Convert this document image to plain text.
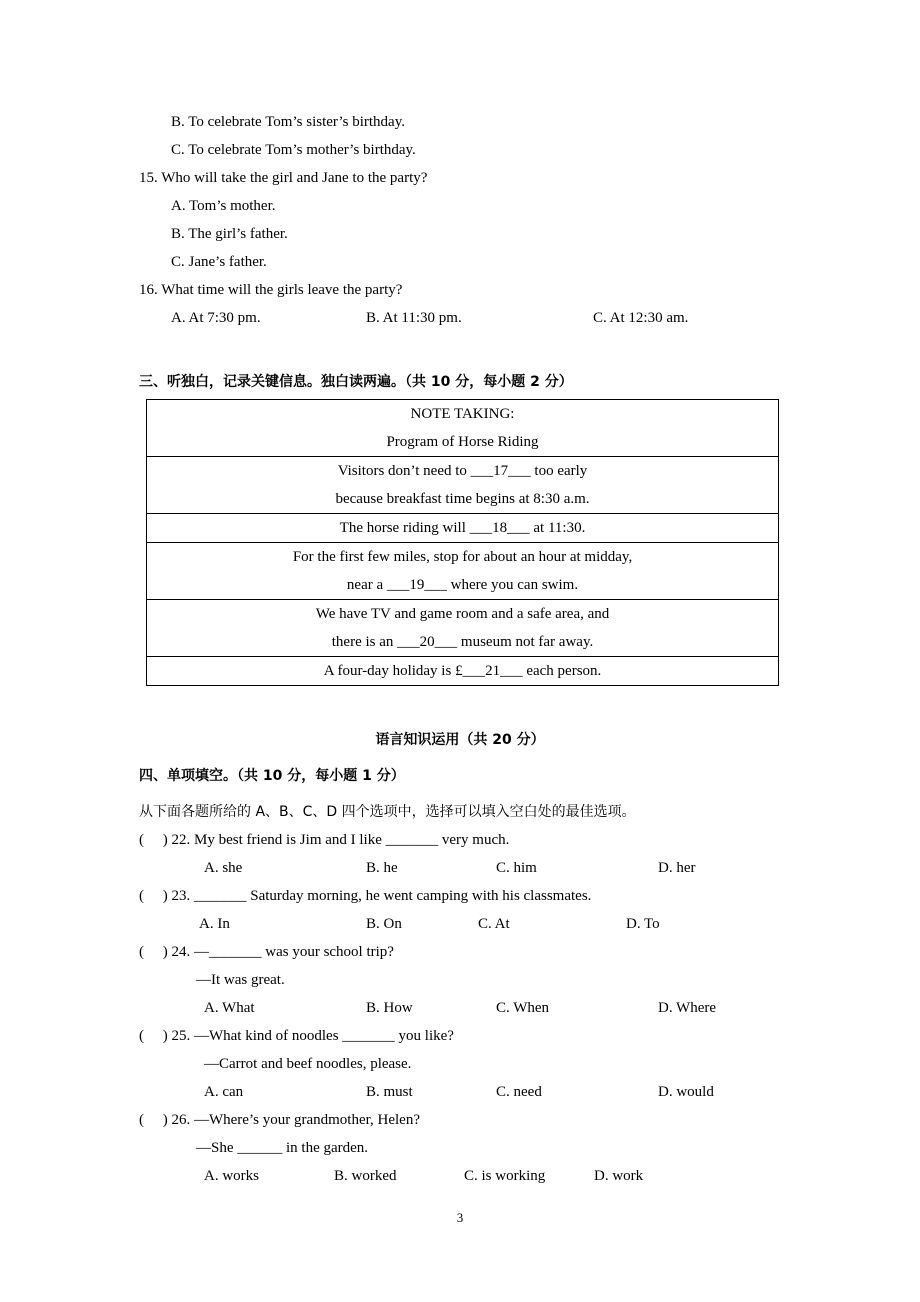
B. To celebrate Tom’s sister’s birthday.
C. To celebrate Tom’s mother’s birthday.
15. Who will take the girl and Jane to the party?
A. Tom’s mother.
B. The girl’s father.
C. Jane’s father.
16. What time will the girls leave the party?
A. At 7:30 pm.	B. At 11:30 pm.	C. At 12:30 am.
三、听独白，记录关键信息。独白读两遍。（共 10 分，每小题 2 分）
NOTE TAKING:
Program of Horse Riding

Visitors don’t need to ___17___ too early
because breakfast time begins at 8:30 a.m.

The horse riding will ___18___ at 11:30.

For the first few miles, stop for about an hour at midday,
near a ___19___ where you can swim.

We have TV and game room and a safe area, and
there is an ___20___ museum not far away.

A four-day holiday is £___21___ each person.
语言知识运用（共 20 分）
四、单项填空。（共 10 分，每小题 1 分）
从下面各题所给的 A、B、C、D 四个选项中，选择可以填入空白处的最佳选项。
(     ) 22. My best friend is Jim and I like _______ very much.
A. she	B. he	C. him	D. her
(     ) 23. _______ Saturday morning, he went camping with his classmates.
A. In	B. On	C. At	D. To
(     ) 24. —_______ was your school trip?
—It was great.
A. What	B. How	C. When	D. Where
(     ) 25. —What kind of noodles _______ you like?
—Carrot and beef noodles, please.
A. can	B. must	C. need	D. would
(     ) 26. —Where’s your grandmother, Helen?
—She ______ in the garden.
A. works	B. worked	C. is working	D. work
3
